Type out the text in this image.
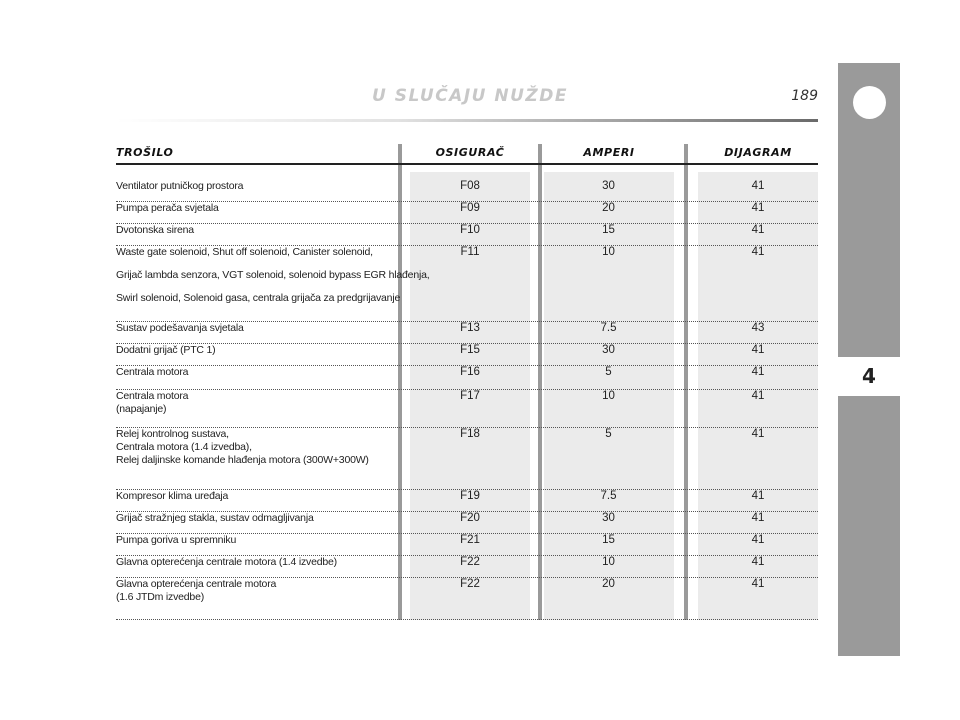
U SLUČAJU NUŽDE	189
4
TROŠILO	OSIGURAČ	AMPERI	DIJAGRAM
Ventilator putničkog prostora	F08	30	41
Pumpa perača svjetala	F09	20	41
Dvotonska sirena	F10	15	41
Waste gate solenoid, Shut off solenoid, Canister solenoid,
Grijač lambda senzora, VGT solenoid, solenoid bypass EGR hlađenja,
Swirl solenoid, Solenoid gasa, centrala grijača za predgrijavanje
F11	10	41
Sustav podešavanja svjetala	F13	7.5	43
Dodatni grijač (PTC 1)	F15	30	41
Centrala motora	F16	5	41
Centrala motora
(napajanje)
F17	10	41
Relej kontrolnog sustava,
Centrala motora (1.4 izvedba),
Relej daljinske komande hlađenja motora (300W+300W)
F18	5	41
Kompresor klima uređaja	F19	7.5	41
Grijač stražnjeg stakla, sustav odmagljivanja	F20	30	41
Pumpa goriva u spremniku	F21	15	41
Glavna opterećenja centrale motora (1.4 izvedbe)	F22	10	41
Glavna opterećenja centrale motora
(1.6 JTDm izvedbe)
F22	20	41
